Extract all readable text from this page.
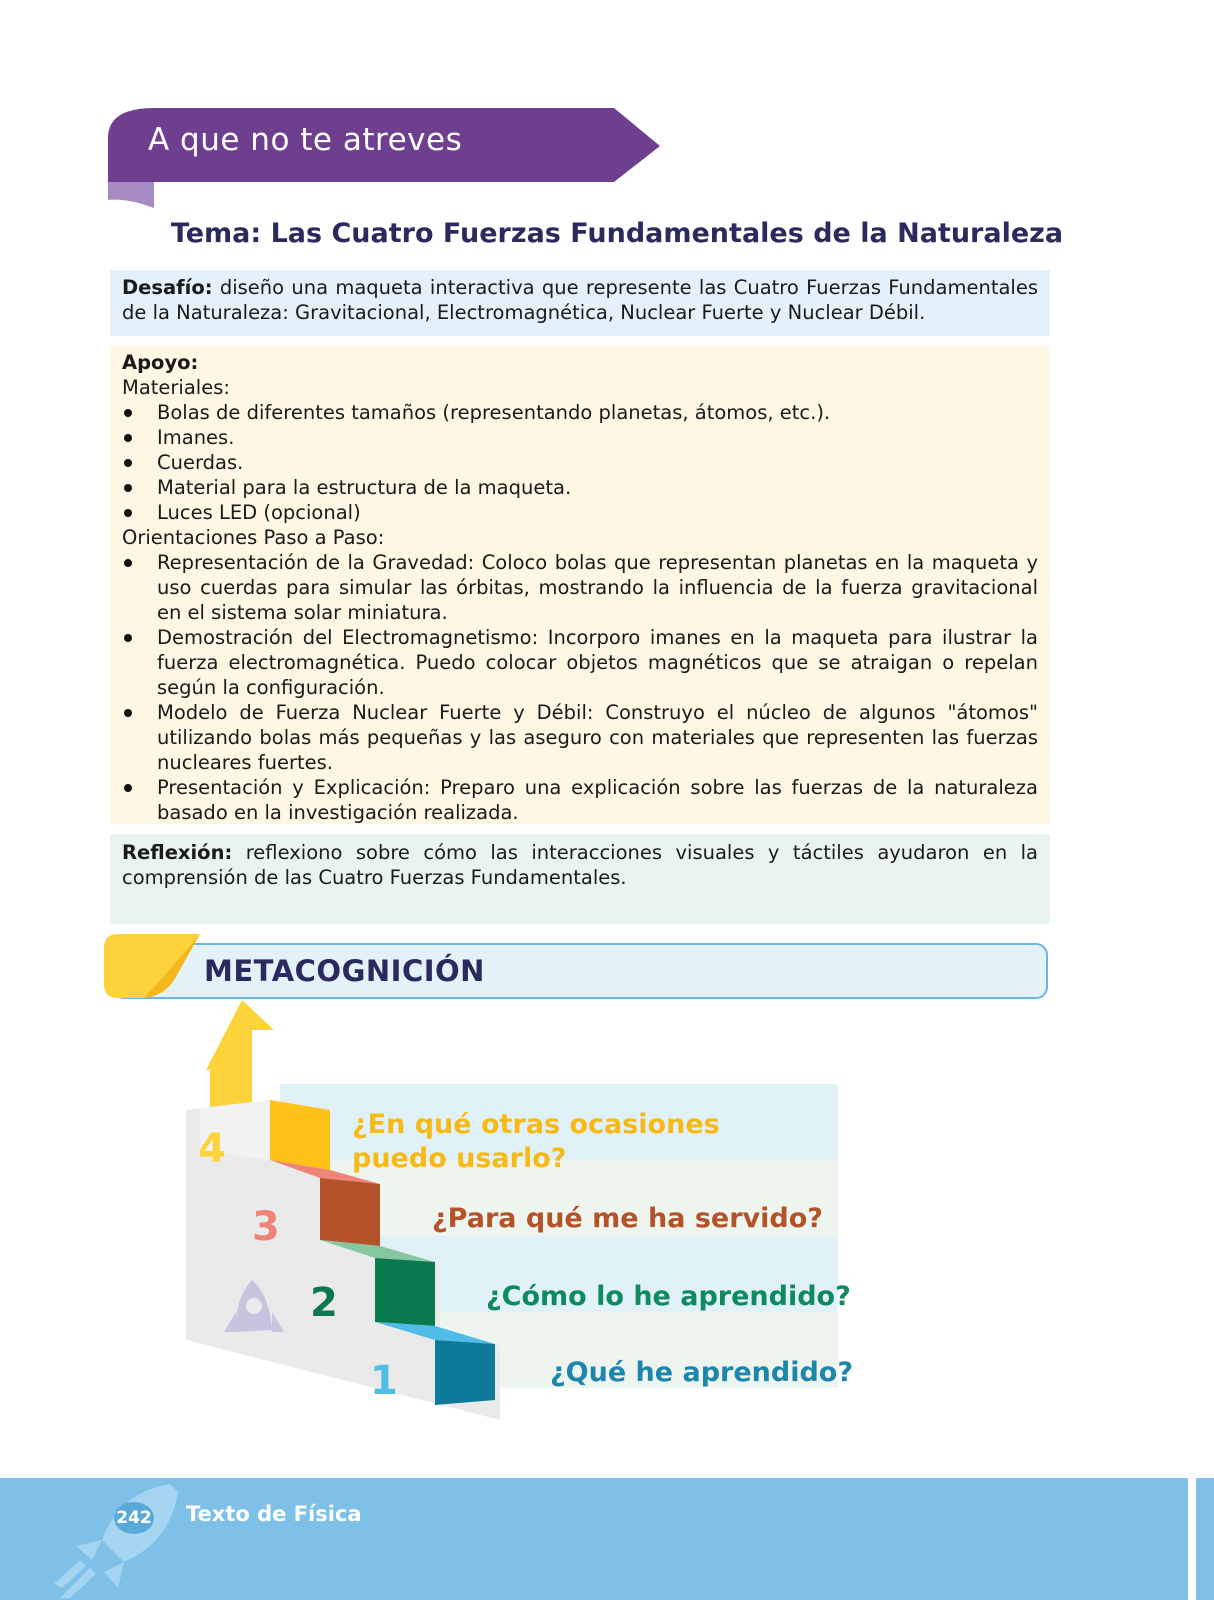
A que no te atreves
Tema: Las Cuatro Fuerzas Fundamentales de la Naturaleza
Desafío: diseño una maqueta interactiva que represente las Cuatro Fuerzas Fundamentales de la Naturaleza: Gravitacional, Electromagnética, Nuclear Fuerte y Nuclear Débil.
Apoyo:
Materiales:
Bolas de diferentes tamaños (representando planetas, átomos, etc.).
Imanes.
Cuerdas.
Material para la estructura de la maqueta.
Luces LED (opcional)
Orientaciones Paso a Paso:
Representación de la Gravedad: Coloco bolas que representan planetas en la maqueta y uso cuerdas para simular las órbitas, mostrando la influencia de la fuerza gravitacional en el sistema solar miniatura.
Demostración del Electromagnetismo: Incorporo imanes en la maqueta para ilustrar la fuerza electromagnética. Puedo colocar objetos magnéticos que se atraigan o repelan según la configuración.
Modelo de Fuerza Nuclear Fuerte y Débil: Construyo el núcleo de algunos "átomos" utilizando bolas más pequeñas y las aseguro con materiales que representen las fuerzas nucleares fuertes.
Presentación y Explicación: Preparo una explicación sobre las fuerzas de la naturaleza basado en la investigación realizada.
Reflexión: reflexiono sobre cómo las interacciones visuales y táctiles ayudaron en la comprensión de las Cuatro Fuerzas Fundamentales.
METACOGNICIÓN
4
3
2
1
¿En qué otras ocasiones puedo usarlo?
¿Para qué me ha servido?
¿Cómo lo he aprendido?
¿Qué he aprendido?
242 Texto de Física
